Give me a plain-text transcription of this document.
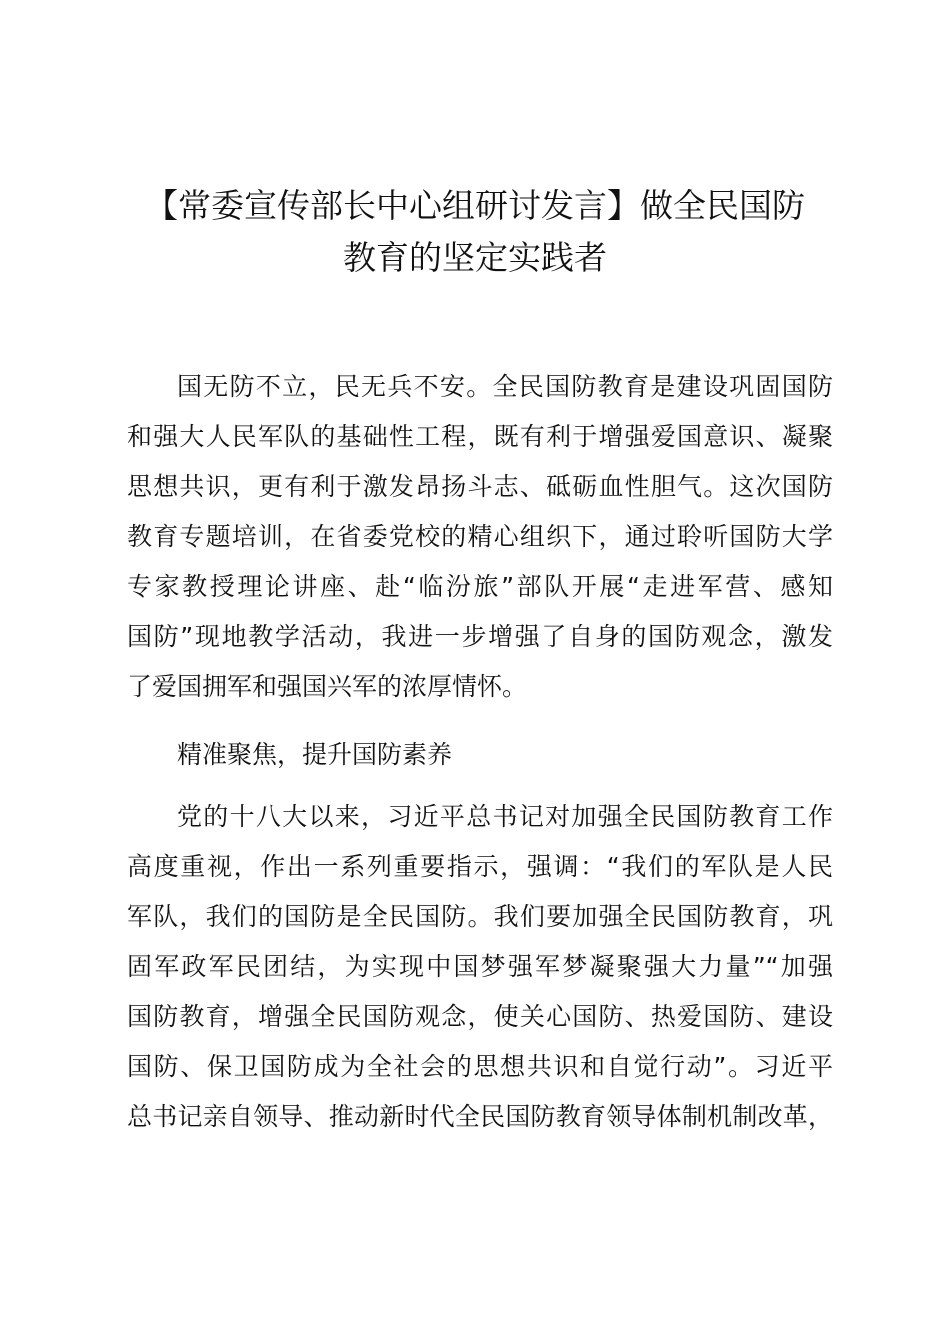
【常委宣传部长中心组研讨发言】做全民国防
教育的坚定实践者
国无防不立，民无兵不安。全民国防教育是建设巩固国防
和强大人民军队的基础性工程，既有利于增强爱国意识、凝聚
思想共识，更有利于激发昂扬斗志、砥砺血性胆气。这次国防
教育专题培训，在省委党校的精心组织下，通过聆听国防大学
专家教授理论讲座、赴“临汾旅”部队开展“走进军营、感知
国防”现地教学活动，我进一步增强了自身的国防观念，激发
了爱国拥军和强国兴军的浓厚情怀。

精准聚焦，提升国防素养

党的十八大以来，习近平总书记对加强全民国防教育工作
高度重视，作出一系列重要指示，强调：“我们的军队是人民
军队，我们的国防是全民国防。我们要加强全民国防教育，巩
固军政军民团结，为实现中国梦强军梦凝聚强大力量”“加强
国防教育，增强全民国防观念，使关心国防、热爱国防、建设
国防、保卫国防成为全社会的思想共识和自觉行动”。习近平
总书记亲自领导、推动新时代全民国防教育领导体制机制改革，
